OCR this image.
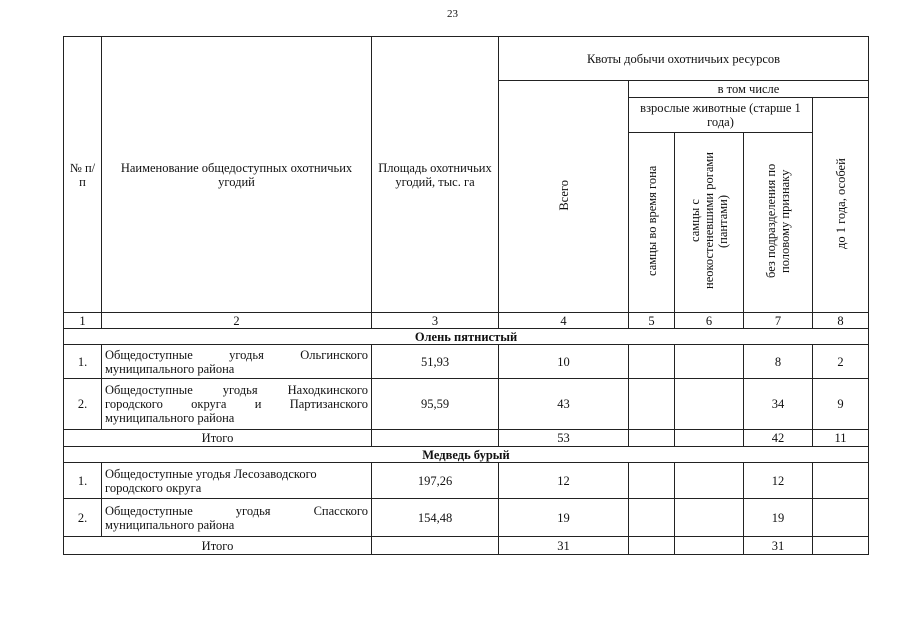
23
№ п/п	Наименование общедоступных охотничьих угодий	Площадь охотничьих угодий, тыс. га	Квоты добычи охотничьих ресурсов				
			Всего	в том числе			
				взрослые животные (старше 1 года)			до 1 года, особей
				самцы во время гона	самцы с неокостеневшими рогами (пантами)	без подразделения по половому признаку	
1	2	3	4	5	6	7	8
Олень пятнистый							
1.	Общедоступные угодья Ольгинского муниципального района	51,93	10			8	2
2.	Общедоступные угодья Находкинского городского округа и Партизанского муниципального района	95,59	43			34	9
Итого			53			42	11
Медведь бурый							
1.	Общедоступные угодья Лесозаводского городского округа	197,26	12			12	
2.	Общедоступные угодья Спасского муниципального района	154,48	19			19	
Итого			31			31	
